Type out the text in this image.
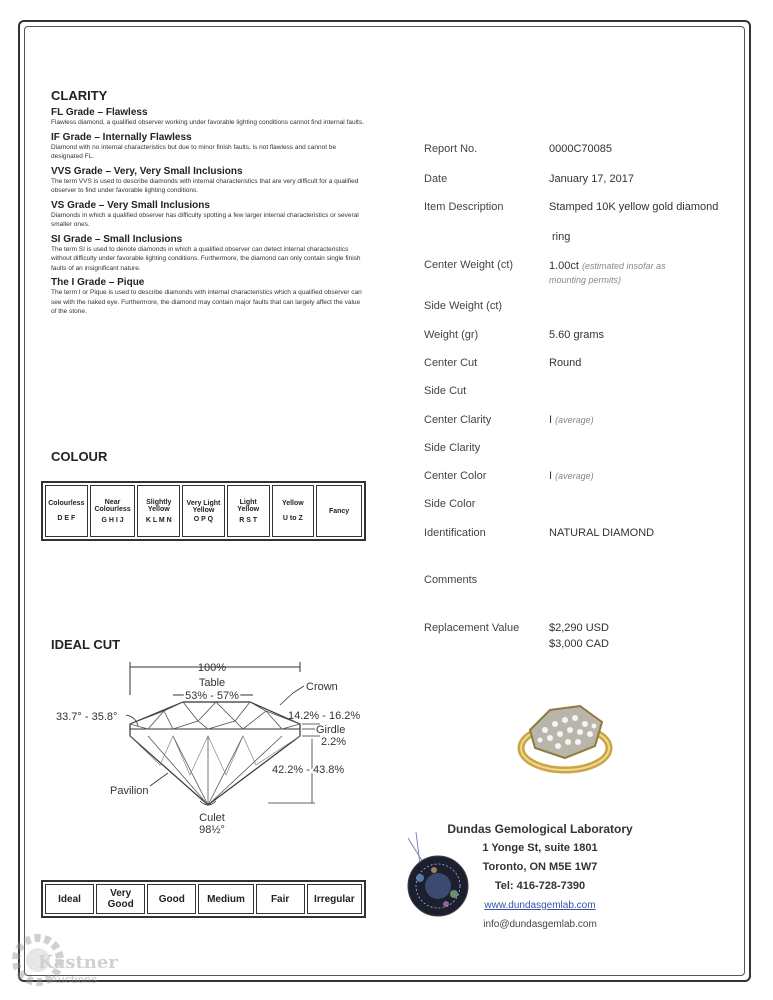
CLARITY
FL Grade – Flawless
Flawless diamond, a qualified observer working under favorable lighting conditions cannot find internal faults.
IF Grade – Internally Flawless
Diamond with no internal characteristics but due to minor finish faults, is not flawless and cannot be designated FL.
VVS Grade – Very, Very Small Inclusions
The term VVS is used to describe diamonds with internal characteristics that are very difficult for a qualified observer to find under favorable lighting conditions.
VS Grade – Very Small Inclusions
Diamonds in which a qualified observer has difficulty spotting a few larger internal characteristics or several smaller ones.
SI Grade – Small Inclusions
The term SI is used to denote diamonds in which a qualified observer can detect internal characteristics without difficulty under favorable lighting conditions. Furthermore, the diamond can only contain single finish faults of an insignificant nature.
The I Grade – Pique
The term I or Pique is used to describe diamonds with internal characteristics which a qualified observer can see with the naked eye. Furthermore, the diamond may contain major faults that can largely affect the value of the stone.
COLOUR
Colourless
D E F

Near Colourless
G H I J

Slightly Yellow
K L M N

Very Light Yellow
O P Q

Light Yellow
R S T

Yellow
U to Z

Fancy
IDEAL CUT
100%
Table
53% - 57%
Crown
33.7° - 35.8°	14.2% - 16.2%
Girdle
2.2%
42.2% - 43.8%
Pavilion
Culet
98½°
Ideal	Very Good	Good	Medium	Fair	Irregular
Report No.	0000C70085
Date	January 17, 2017
Item Description	Stamped 10K yellow gold diamond
ring
Center Weight (ct)	1.00ct (estimated insofar as mounting permits)
Side Weight (ct)
Weight (gr)	5.60 grams
Center Cut	Round
Side Cut
Center Clarity	I (average)
Side Clarity
Center Color	I (average)
Side Color
Identification	NATURAL DIAMOND
Comments
Replacement Value	$2,290 USD
$3,000 CAD
Dundas Gemological Laboratory
1 Yonge St, suite 1801
Toronto, ON M5E 1W7
Tel: 416-728-7390
www.dundasgemlab.com
info@dundasgemlab.com
Kastner
Auctions
